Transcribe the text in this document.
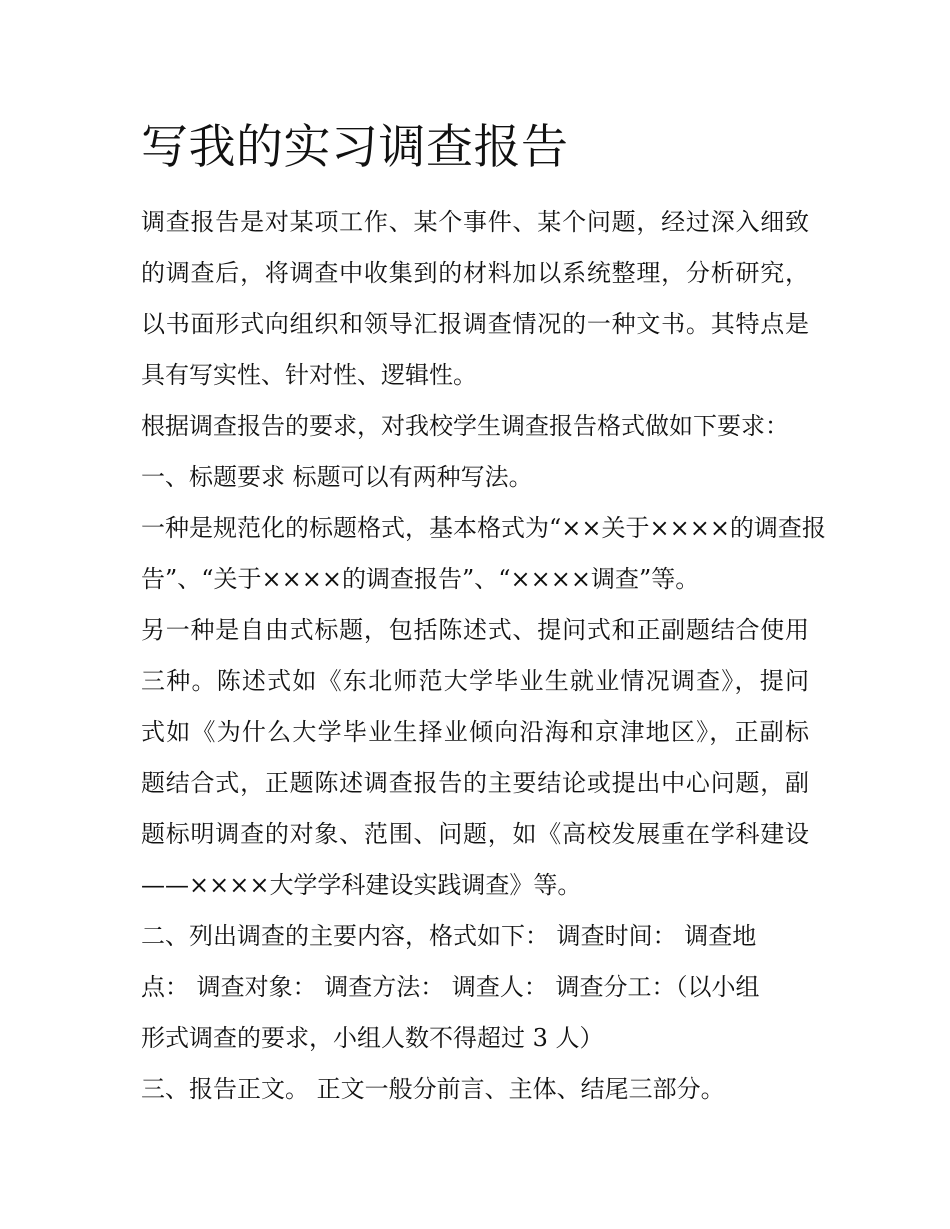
写我的实习调查报告

调查报告是对某项工作、某个事件、某个问题，经过深入细致
的调查后，将调查中收集到的材料加以系统整理，分析研究，
以书面形式向组织和领导汇报调查情况的一种文书。其特点是
具有写实性、针对性、逻辑性。

根据调查报告的要求，对我校学生调查报告格式做如下要求：

一、标题要求 标题可以有两种写法。

一种是规范化的标题格式，基本格式为“××关于××××的调查报
告”、“关于××××的调查报告”、“××××调查”等。

另一种是自由式标题，包括陈述式、提问式和正副题结合使用
三种。陈述式如《东北师范大学毕业生就业情况调查》，提问
式如《为什么大学毕业生择业倾向沿海和京津地区》，正副标
题结合式，正题陈述调查报告的主要结论或提出中心问题，副
题标明调查的对象、范围、问题，如《高校发展重在学科建设
——××××大学学科建设实践调查》等。

二、列出调查的主要内容，格式如下： 调查时间： 调查地
点： 调查对象： 调查方法： 调查人： 调查分工：（以小组
形式调查的要求，小组人数不得超过 3 人）

三、报告正文。 正文一般分前言、主体、结尾三部分。
